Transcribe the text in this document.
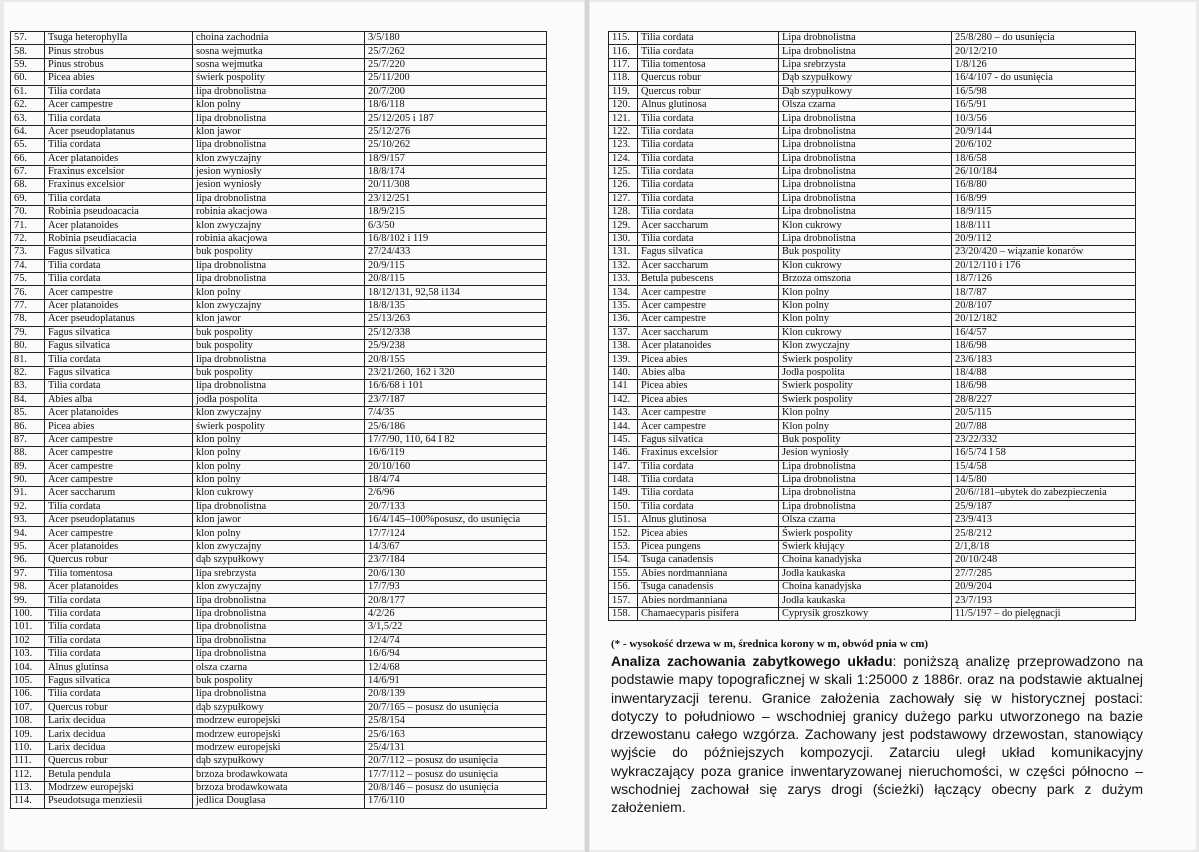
57.	Tsuga heterophylla	choina zachodnia	3/5/180
58.	Pinus strobus	sosna wejmutka	25/7/262
59.	Pinus strobus	sosna wejmutka	25/7/220
60.	Picea abies	świerk pospolity	25/11/200
61.	Tilia cordata	lipa drobnolistna	20/7/200
62.	Acer campestre	klon polny	18/6/118
63.	Tilia cordata	lipa drobnolistna	25/12/205 i 187
64.	Acer pseudoplatanus	klon jawor	25/12/276
65.	Tilia cordata	lipa drobnolistna	25/10/262
66.	Acer platanoides	klon zwyczajny	18/9/157
67.	Fraxinus excelsior	jesion wyniosły	18/8/174
68.	Fraxinus excelsior	jesion wyniosły	20/11/308
69.	Tilia cordata	lipa drobnolistna	23/12/251
70.	Robinia pseudoacacia	robinia akacjowa	18/9/215
71.	Acer platanoides	klon zwyczajny	6/3/50
72.	Robinia pseudiacacia	robinia akacjowa	16/8/102 i 119
73.	Fagus silvatica	buk pospolity	27/24/433
74.	Tilia cordata	lipa drobnolistna	20/9/115
75.	Tilia cordata	lipa drobnolistna	20/8/115
76.	Acer campestre	klon polny	18/12/131, 92,58 i134
77.	Acer platanoides	klon zwyczajny	18/8/135
78.	Acer pseudoplatanus	klon jawor	25/13/263
79.	Fagus silvatica	buk pospolity	25/12/338
80.	Fagus silvatica	buk pospolity	25/9/238
81.	Tilia cordata	lipa drobnolistna	20/8/155
82.	Fagus silvatica	buk pospolity	23/21/260, 162 i 320
83.	Tilia cordata	lipa drobnolistna	16/6/68 i 101
84.	Abies alba	jodła pospolita	23/7/187
85.	Acer platanoides	klon zwyczajny	7/4/35
86.	Picea abies	świerk pospolity	25/6/186
87.	Acer campestre	klon polny	17/7/90, 110, 64 I 82
88.	Acer campestre	klon polny	16/6/119
89.	Acer campestre	klon polny	20/10/160
90.	Acer campestre	klon polny	18/4/74
91.	Acer saccharum	klon cukrowy	2/6/96
92.	Tilia cordata	lipa drobnolistna	20/7/133
93.	Acer pseudoplatanus	klon jawor	16/4/145–100%posusz, do usunięcia
94.	Acer campestre	klon polny	17/7/124
95.	Acer platanoides	klon zwyczajny	14/3/67
96.	Quercus robur	dąb szypułkowy	23/7/184
97.	Tilia tomentosa	lipa srebrzysta	20/6/130
98.	Acer platanoides	klon zwyczajny	17/7/93
99.	Tilia cordata	lipa drobnolistna	20/8/177
100.	Tilia cordata	lipa drobnolistna	4/2/26
101.	Tilia cordata	lipa drobnolistna	3/1,5/22
102	Tilia cordata	lipa drobnolistna	12/4/74
103.	Tilia cordata	lipa drobnolistna	16/6/94
104.	Alnus glutinsa	olsza czarna	12/4/68
105.	Fagus silvatica	buk pospolity	14/6/91
106.	Tilia cordata	lipa drobnolistna	20/8/139
107.	Quercus robur	dąb szypułkowy	20/7/165 – posusz do usunięcia
108.	Larix decidua	modrzew europejski	25/8/154
109.	Larix decidua	modrzew europejski	25/6/163
110.	Larix decidua	modrzew europejski	25/4/131
111.	Quercus robur	dąb szypułkowy	20/7/112 – posusz do usunięcia
112.	Betula pendula	brzoza brodawkowata	17/7/112 – posusz do usunięcia
113.	Modrzew europejski	brzoza brodawkowata	20/8/146 – posusz do usunięcia
114.	Pseudotsuga menziesii	jedlica Douglasa	17/6/110
115.	Tilia cordata	Lipa drobnolistna	25/8/280 – do usunięcia
116.	Tilia cordata	Lipa drobnolistna	20/12/210
117.	Tilia tomentosa	Lipa srebrzysta	1/8/126
118.	Quercus robur	Dąb szypułkowy	16/4/107 - do usunięcia
119.	Quercus robur	Dąb szypułkowy	16/5/98
120.	Alnus glutinosa	Olsza czarna	16/5/91
121.	Tilia cordata	Lipa drobnolistna	10/3/56
122.	Tilia cordata	Lipa drobnolistna	20/9/144
123.	Tilia cordata	Lipa drobnolistna	20/6/102
124.	Tilia cordata	Lipa drobnolistna	18/6/58
125.	Tilia cordata	Lipa drobnolistna	26/10/184
126.	Tilia cordata	Lipa drobnolistna	16/8/80
127.	Tilia cordata	Lipa drobnolistna	16/8/99
128.	Tilia cordata	Lipa drobnolistna	18/9/115
129.	Acer saccharum	Klon cukrowy	18/8/111
130.	Tilia cordata	Lipa drobnolistna	20/9/112
131.	Fagus silvatica	Buk pospolity	23/20/420 – wiązanie konarów
132.	Acer saccharum	Klon cukrowy	20/12/110 i 176
133.	Betula pubescens	Brzoza omszona	18/7/126
134.	Acer campestre	Klon polny	18/7/87
135.	Acer campestre	Klon polny	20/8/107
136.	Acer campestre	Klon polny	20/12/182
137.	Acer saccharum	Klon cukrowy	16/4/57
138.	Acer platanoides	Klon zwyczajny	18/6/98
139.	Picea abies	Świerk pospolity	23/6/183
140.	Abies alba	Jodła pospolita	18/4/88
141	Picea abies	Świerk pospolity	18/6/98
142.	Picea abies	Świerk pospolity	28/8/227
143.	Acer campestre	Klon polny	20/5/115
144.	Acer campestre	Klon polny	20/7/88
145.	Fagus silvatica	Buk pospolity	23/22/332
146.	Fraxinus excelsior	Jesion wyniosły	16/5/74 I 58
147.	Tilia cordata	Lipa drobnolistna	15/4/58
148.	Tilia cordata	Lipa drobnolistna	14/5/80
149.	Tilia cordata	Lipa drobnolistna	20/6//181–ubytek do zabezpieczenia
150.	Tilia cordata	Lipa drobnolistna	25/9/187
151.	Alnus glutinosa	Olsza czarna	23/9/413
152.	Picea abies	Świerk pospolity	25/8/212
153.	Picea pungens	Świerk kłujący	2/1,8/18
154.	Tsuga canadensis	Choina kanadyjska	20/10/248
155.	Abies nordmanniana	Jodła kaukaska	27/7/285
156.	Tsuga canadensis	Choina kanadyjska	20/9/204
157.	Abies nordmanniana	Jodła kaukaska	23/7/193
158.	Chamaecyparis pisifera	Cyprysik groszkowy	11/5/197 – do pielęgnacji
(* - wysokość drzewa w m, średnica korony w m, obwód pnia w cm)

Analiza zachowania zabytkowego układu: poniższą analizę przeprowadzono na podstawie mapy topograficznej w skali 1:25000 z 1886r. oraz na podstawie aktualnej inwentaryzacji terenu. Granice założenia zachowały się w historycznej postaci: dotyczy to południowo – wschodniej granicy dużego parku utworzonego na bazie drzewostanu całego wzgórza. Zachowany jest podstawowy drzewostan, stanowiący wyjście do późniejszych kompozycji. Zatarciu uległ układ komunikacyjny wykraczający poza granice inwentaryzowanej nieruchomości, w części północno – wschodniej zachował się zarys drogi (ścieżki) łączący obecny park z dużym założeniem.
